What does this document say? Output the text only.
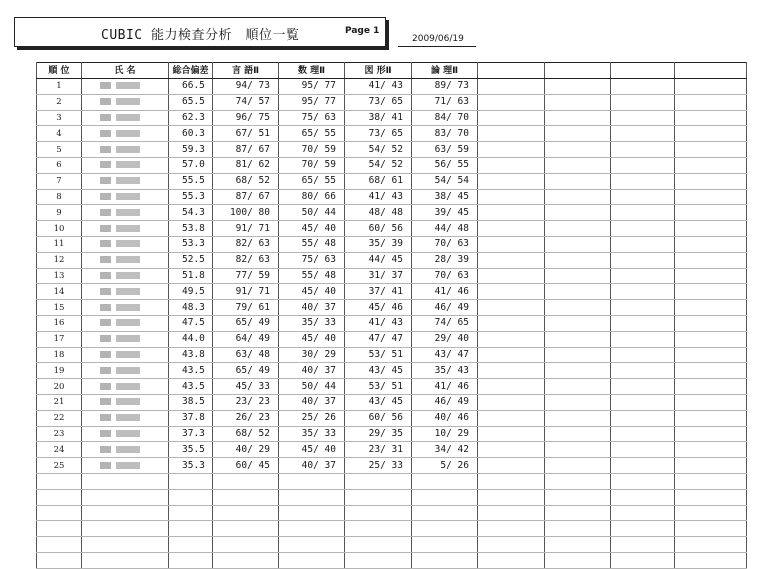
CUBIC 能力検査分析　順位一覧	Page 1
2009/06/19
順 位	氏 名	総合偏差	言 語Ⅱ	数 理Ⅱ	図 形Ⅱ	論 理Ⅱ				
1		66.5	94/ 73	95/ 77	41/ 43	89/ 73				
2		65.5	74/ 57	95/ 77	73/ 65	71/ 63				
3		62.3	96/ 75	75/ 63	38/ 41	84/ 70				
4		60.3	67/ 51	65/ 55	73/ 65	83/ 70				
5		59.3	87/ 67	70/ 59	54/ 52	63/ 59				
6		57.0	81/ 62	70/ 59	54/ 52	56/ 55				
7		55.5	68/ 52	65/ 55	68/ 61	54/ 54				
8		55.3	87/ 67	80/ 66	41/ 43	38/ 45				
9		54.3	100/ 80	50/ 44	48/ 48	39/ 45				
10		53.8	91/ 71	45/ 40	60/ 56	44/ 48				
11		53.3	82/ 63	55/ 48	35/ 39	70/ 63				
12		52.5	82/ 63	75/ 63	44/ 45	28/ 39				
13		51.8	77/ 59	55/ 48	31/ 37	70/ 63				
14		49.5	91/ 71	45/ 40	37/ 41	41/ 46				
15		48.3	79/ 61	40/ 37	45/ 46	46/ 49				
16		47.5	65/ 49	35/ 33	41/ 43	74/ 65				
17		44.0	64/ 49	45/ 40	47/ 47	29/ 40				
18		43.8	63/ 48	30/ 29	53/ 51	43/ 47				
19		43.5	65/ 49	40/ 37	43/ 45	35/ 43				
20		43.5	45/ 33	50/ 44	53/ 51	41/ 46				
21		38.5	23/ 23	40/ 37	43/ 45	46/ 49				
22		37.8	26/ 23	25/ 26	60/ 56	40/ 46				
23		37.3	68/ 52	35/ 33	29/ 35	10/ 29				
24		35.5	40/ 29	45/ 40	23/ 31	34/ 42				
25		35.3	60/ 45	40/ 37	25/ 33	5/ 26				
